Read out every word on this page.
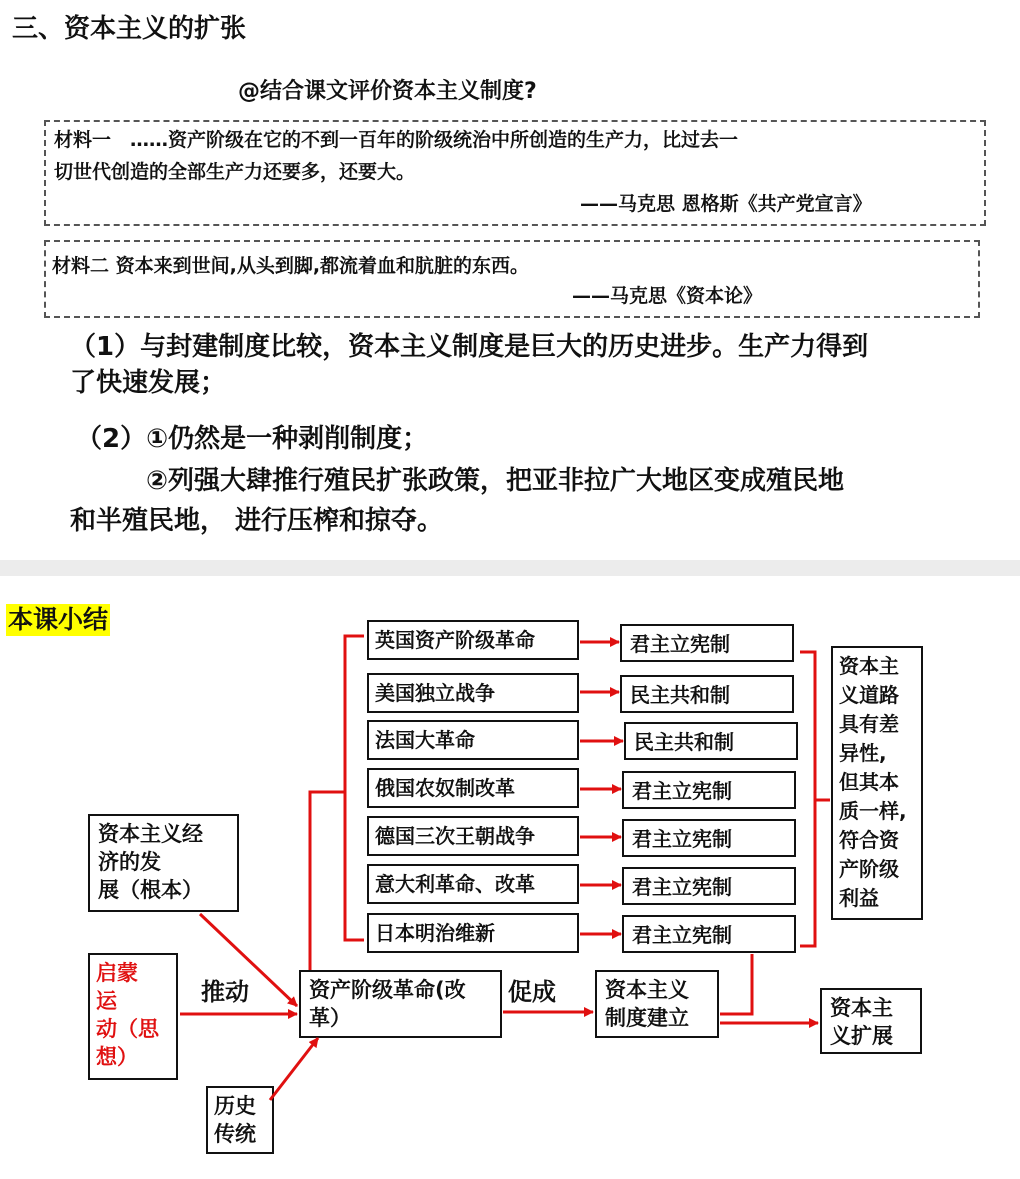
三、资本主义的扩张
@结合课文评价资本主义制度?
材料一　……资产阶级在它的不到一百年的阶级统治中所创造的生产力，比过去一
切世代创造的全部生产力还要多，还要大。
——马克思 恩格斯《共产党宣言》
材料二 资本来到世间,从头到脚,都流着血和肮脏的东西。
——马克思《资本论》
（1）与封建制度比较，资本主义制度是巨大的历史进步。生产力得到
了快速发展；
（2）①仍然是一种剥削制度；
②列强大肆推行殖民扩张政策，把亚非拉广大地区变成殖民地
和半殖民地， 进行压榨和掠夺。
本课小结
英国资产阶级革命
美国独立战争
法国大革命
俄国农奴制改革
德国三次王朝战争
意大利革命、改革
日本明治维新
君主立宪制
民主共和制
民主共和制
君主立宪制
君主立宪制
君主立宪制
君主立宪制
资本主
义道路
具有差
异性,
但其本
质一样,
符合资
产阶级
利益
资本主义经
济的发
展（根本）
启蒙
运
动（思
想）
历史
传统
资产阶级革命(改
革）
资本主义
制度建立	资本主
义扩展
推动	促成
